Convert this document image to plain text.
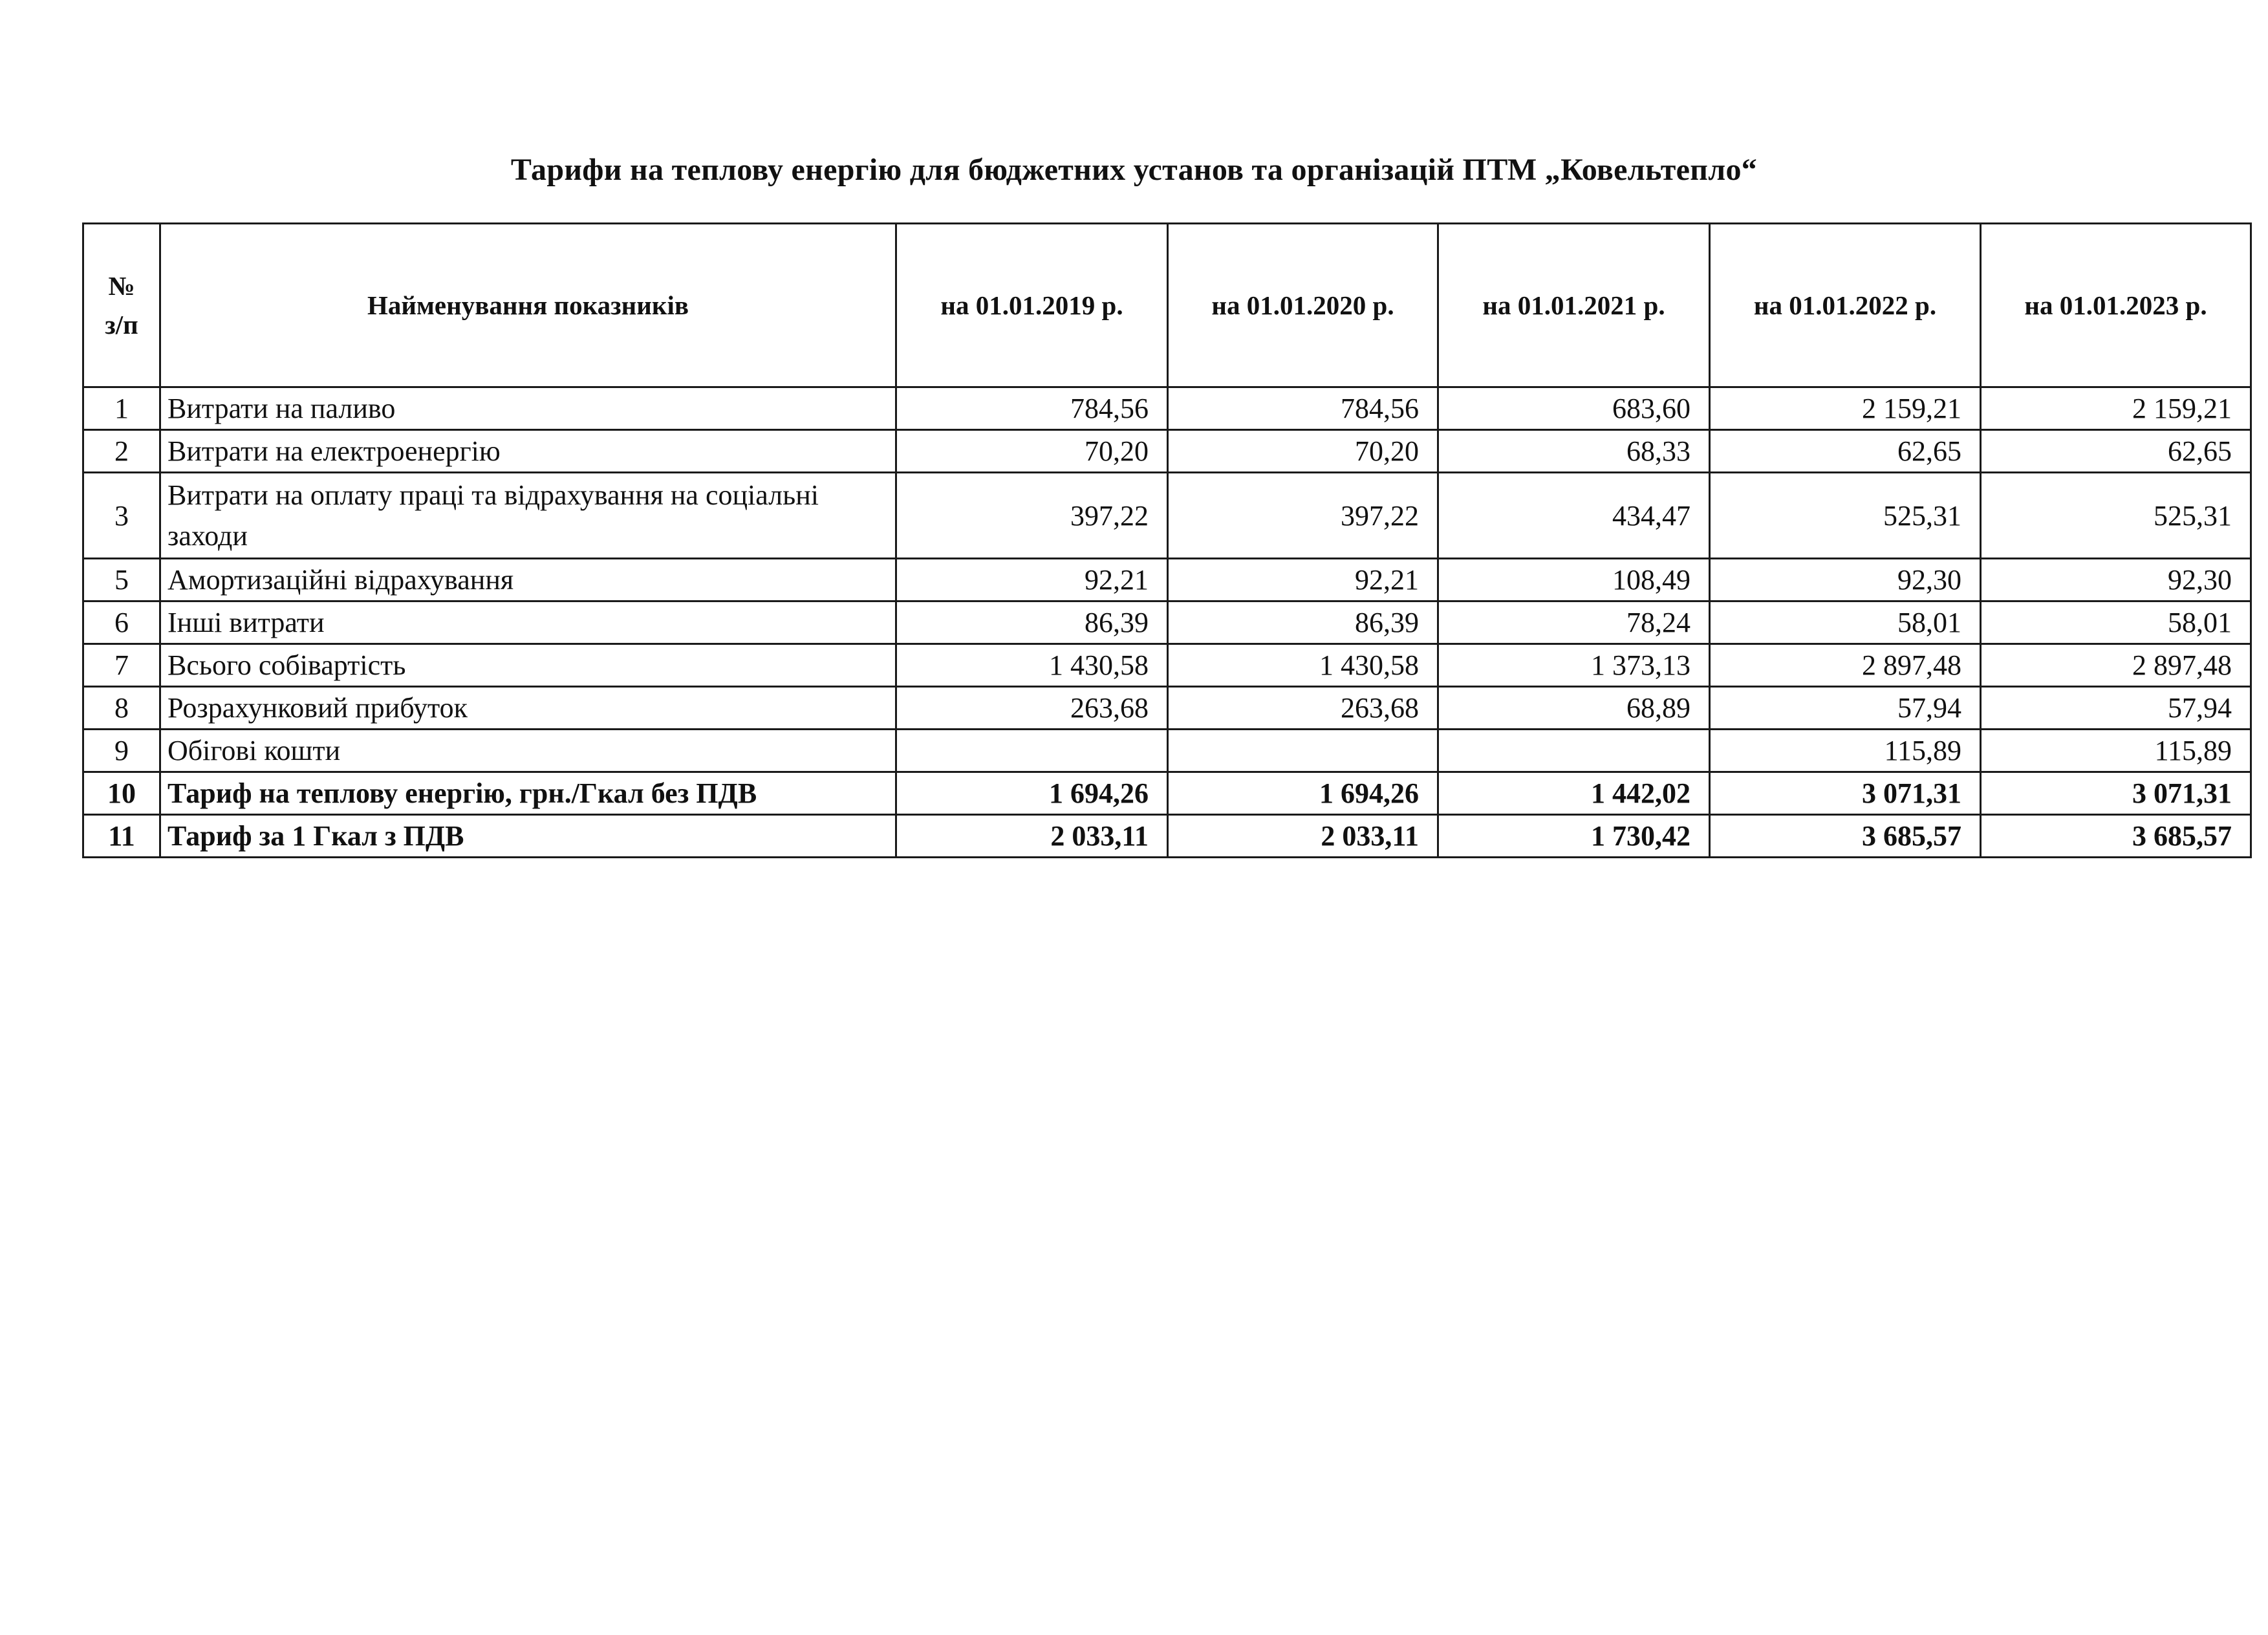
Тарифи на теплову енергію для бюджетних установ та організацій ПТМ „Ковельтепло“
№
з/п	Найменування показників	на 01.01.2019 р.	на 01.01.2020 р.	на 01.01.2021 р.	на 01.01.2022 р.	на 01.01.2023 р.
1	Витрати на паливо	784,56	784,56	683,60	2 159,21	2 159,21
2	Витрати на електроенергію	70,20	70,20	68,33	62,65	62,65
3	Витрати на оплату праці та відрахування на соціальні заходи	397,22	397,22	434,47	525,31	525,31
5	Амортизаційні відрахування	92,21	92,21	108,49	92,30	92,30
6	Інші витрати	86,39	86,39	78,24	58,01	58,01
7	Всього собівартість	1 430,58	1 430,58	1 373,13	2 897,48	2 897,48
8	Розрахунковий прибуток	263,68	263,68	68,89	57,94	57,94
9	Обігові кошти				115,89	115,89
10	Тариф на теплову енергію, грн./Гкал без ПДВ	1 694,26	1 694,26	1 442,02	3 071,31	3 071,31
11	Тариф за 1 Гкал з ПДВ	2 033,11	2 033,11	1 730,42	3 685,57	3 685,57
